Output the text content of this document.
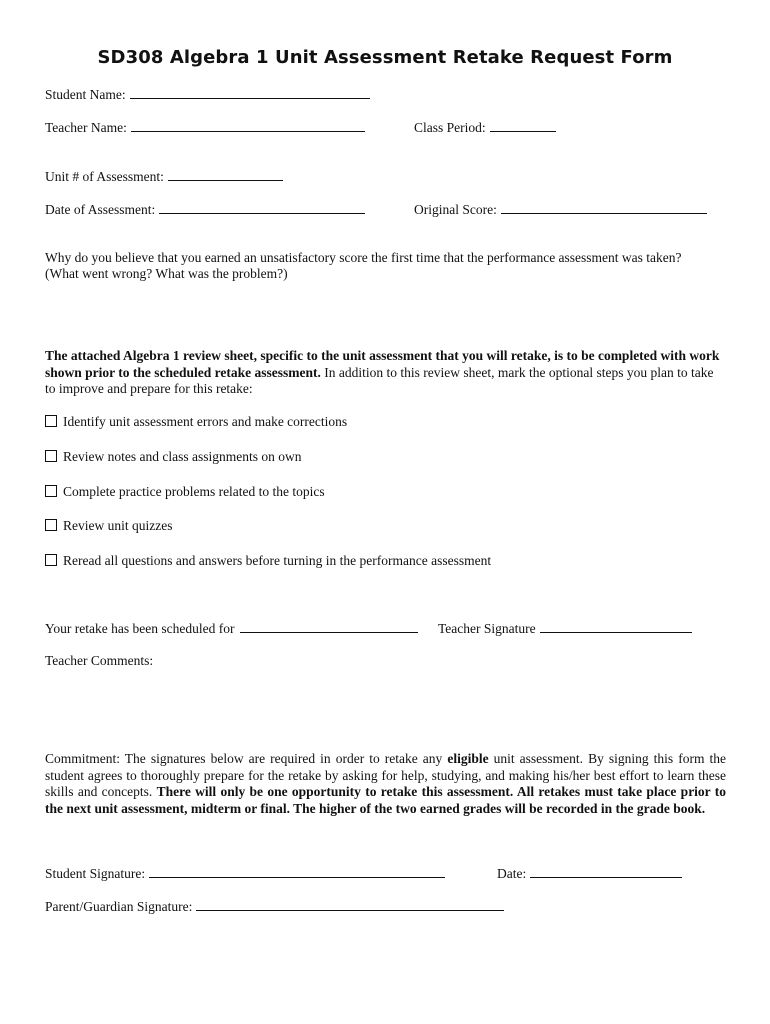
SD308 Algebra 1 Unit Assessment Retake Request Form
Student Name:
Teacher Name:	Class Period:
Unit # of Assessment:
Date of Assessment:	Original Score:
Why do you believe that you earned an unsatisfactory score the first time that the performance assessment was taken?
(What went wrong? What was the problem?)
The attached Algebra 1 review sheet, specific to the unit assessment that you will retake, is to be completed with work shown prior to the scheduled retake assessment. In addition to this review sheet, mark the optional steps you plan to take to improve and prepare for this retake:
Identify unit assessment errors and make corrections
Review notes and class assignments on own
Complete practice problems related to the topics
Review unit quizzes
Reread all questions and answers before turning in the performance assessment
Your retake has been scheduled for	Teacher Signature
Teacher Comments:
Commitment: The signatures below are required in order to retake any eligible unit assessment. By signing this form the student agrees to thoroughly prepare for the retake by asking for help, studying, and making his/her best effort to learn these skills and concepts. There will only be one opportunity to retake this assessment. All retakes must take place prior to the next unit assessment, midterm or final. The higher of the two earned grades will be recorded in the grade book.
Student Signature:	Date:
Parent/Guardian Signature:
